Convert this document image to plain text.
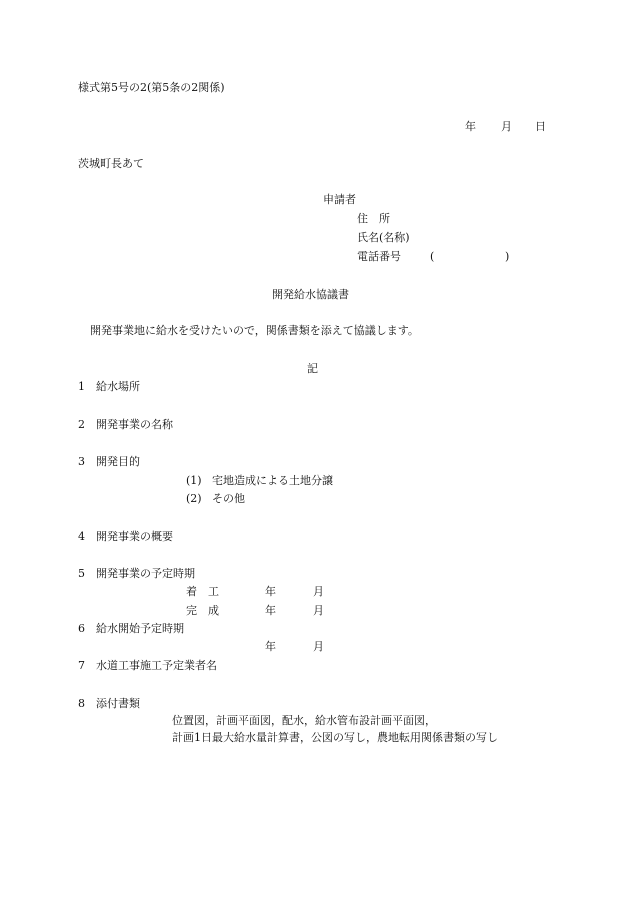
様式第5号の2(第5条の2関係)
年 月 日
茨城町長あて
申請者
住　所
氏名(名称)
電話番号	(	)
開発給水協議書
開発事業地に給水を受けたいので，関係書類を添えて協議します。
記
1 給水場所
2 開発事業の名称
3 開発目的
(1) 宅地造成による土地分譲
(2) その他
4 開発事業の概要
5 開発事業の予定時期
着　工	年	月
完　成	年	月
6 給水開始予定時期
年	月
7 水道工事施工予定業者名
8 添付書類
位置図，計画平面図，配水，給水管布設計画平面図，
計画1日最大給水量計算書，公図の写し，農地転用関係書類の写し
